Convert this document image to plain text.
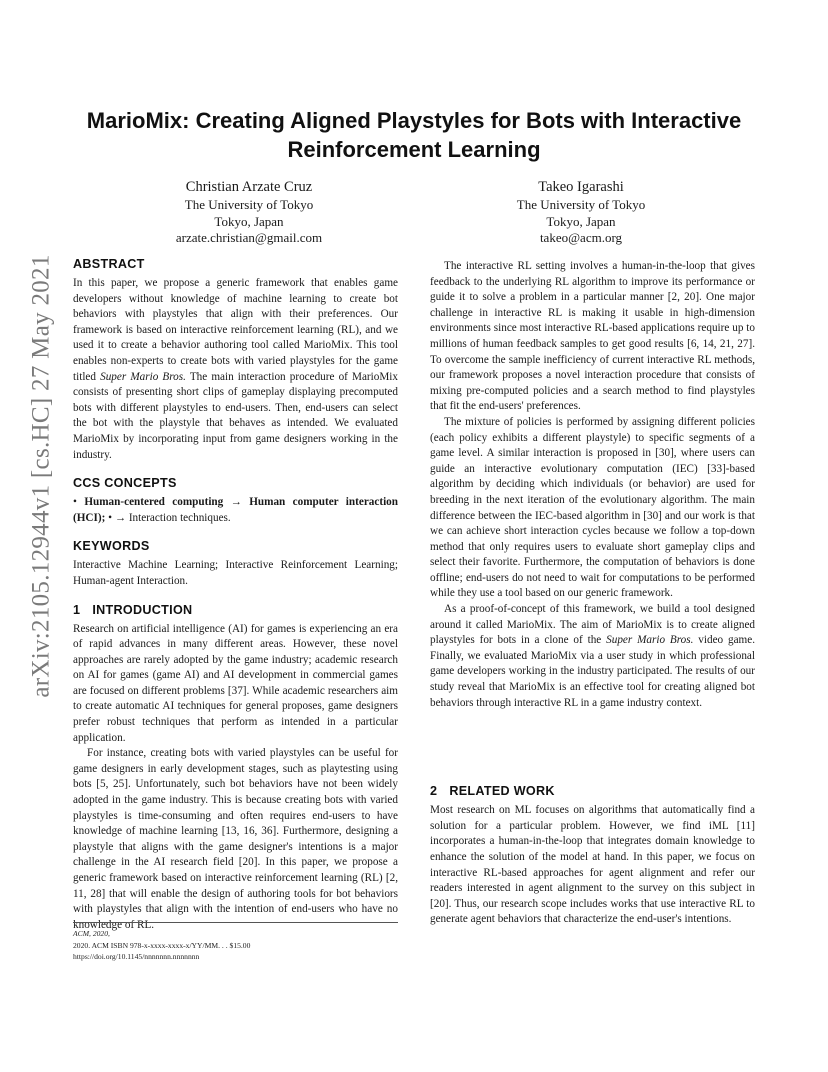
arXiv:2105.12944v1 [cs.HC] 27 May 2021
MarioMix: Creating Aligned Playstyles for Bots with Interactive
Reinforcement Learning
Christian Arzate Cruz
The University of Tokyo
Tokyo, Japan
arzate.christian@gmail.com
Takeo Igarashi
The University of Tokyo
Tokyo, Japan
takeo@acm.org
ABSTRACT

In this paper, we propose a generic framework that enables game developers without knowledge of machine learning to create bot behaviors with playstyles that align with their preferences. Our framework is based on interactive reinforcement learning (RL), and we used it to create a behavior authoring tool called MarioMix. This tool enables non-experts to create bots with varied playstyles for the game titled Super Mario Bros. The main interaction procedure of MarioMix consists of presenting short clips of gameplay displaying precomputed bots with different playstyles to end-users. Then, end-users can select the bot with the playstyle that behaves as intended. We evaluated MarioMix by incorporating input from game designers working in the industry.

CCS CONCEPTS

• Human-centered computing → Human computer interaction (HCI); • → Interaction techniques.

KEYWORDS

Interactive Machine Learning; Interactive Reinforcement Learning; Human-agent Interaction.

1 INTRODUCTION

Research on artificial intelligence (AI) for games is experiencing an era of rapid advances in many different areas. However, these novel approaches are rarely adopted by the game industry; academic research on AI for games (game AI) and AI development in commercial games are focused on different problems [37]. While academic researchers aim to create automatic AI techniques for general proposes, game designers prefer robust techniques that perform as intended in a particular application.

For instance, creating bots with varied playstyles can be useful for game designers in early development stages, such as playtesting using bots [5, 25]. Unfortunately, such bot behaviors have not been widely adopted in the game industry. This is because creating bots with varied playstyles is time-consuming and often requires end-users to have knowledge of machine learning [13, 16, 36]. Furthermore, designing a playstyle that aligns with the game designer's intentions is a major challenge in the AI research field [20]. In this paper, we propose a generic framework based on interactive reinforcement learning (RL) [2, 11, 28] that will enable the design of authoring tools for bot behaviors with playstyles that align with the intention of end-users who have no knowledge of RL.

ACM, 2020,

2020. ACM ISBN 978-x-xxxx-xxxx-x/YY/MM. . . $15.00

https://doi.org/10.1145/nnnnnnn.nnnnnnn

The interactive RL setting involves a human-in-the-loop that gives feedback to the underlying RL algorithm to improve its performance or guide it to solve a problem in a particular manner [2, 20]. One major challenge in interactive RL is making it usable in high-dimension environments since most interactive RL-based applications require up to millions of human feedback samples to get good results [6, 14, 21, 27]. To overcome the sample inefficiency of current interactive RL methods, our framework proposes a novel interaction procedure that consists of mixing pre-computed policies and a search method to find playstyles that fit the end-users' preferences.

The mixture of policies is performed by assigning different policies (each policy exhibits a different playstyle) to specific segments of a game level. A similar interaction is proposed in [30], where users can guide an interactive evolutionary computation (IEC) [33]-based algorithm by deciding which individuals (or behavior) are used for breeding in the next iteration of the evolutionary algorithm. The main difference between the IEC-based algorithm in [30] and our work is that we can achieve short interaction cycles because we follow a top-down method that only requires users to evaluate short gameplay clips and select their favorite. Furthermore, the computation of behaviors is done offline; end-users do not need to wait for computations to be performed while they use a tool based on our generic framework.

As a proof-of-concept of this framework, we build a tool designed around it called MarioMix. The aim of MarioMix is to create aligned playstyles for bots in a clone of the Super Mario Bros. video game. Finally, we evaluated MarioMix via a user study in which professional game developers working in the industry participated. The results of our study reveal that MarioMix is an effective tool for creating aligned bot behaviors through interactive RL in a game industry context.

2 RELATED WORK

Most research on ML focuses on algorithms that automatically find a solution for a particular problem. However, we find iML [11] incorporates a human-in-the-loop that integrates domain knowledge to enhance the solution of the model at hand. In this paper, we focus on interactive RL-based approaches for agent alignment and refer our readers interested in agent alignment to the survey on this subject in [20]. Thus, our research scope includes works that use interactive RL to generate agent behaviors that characterize the end-user's intentions.
